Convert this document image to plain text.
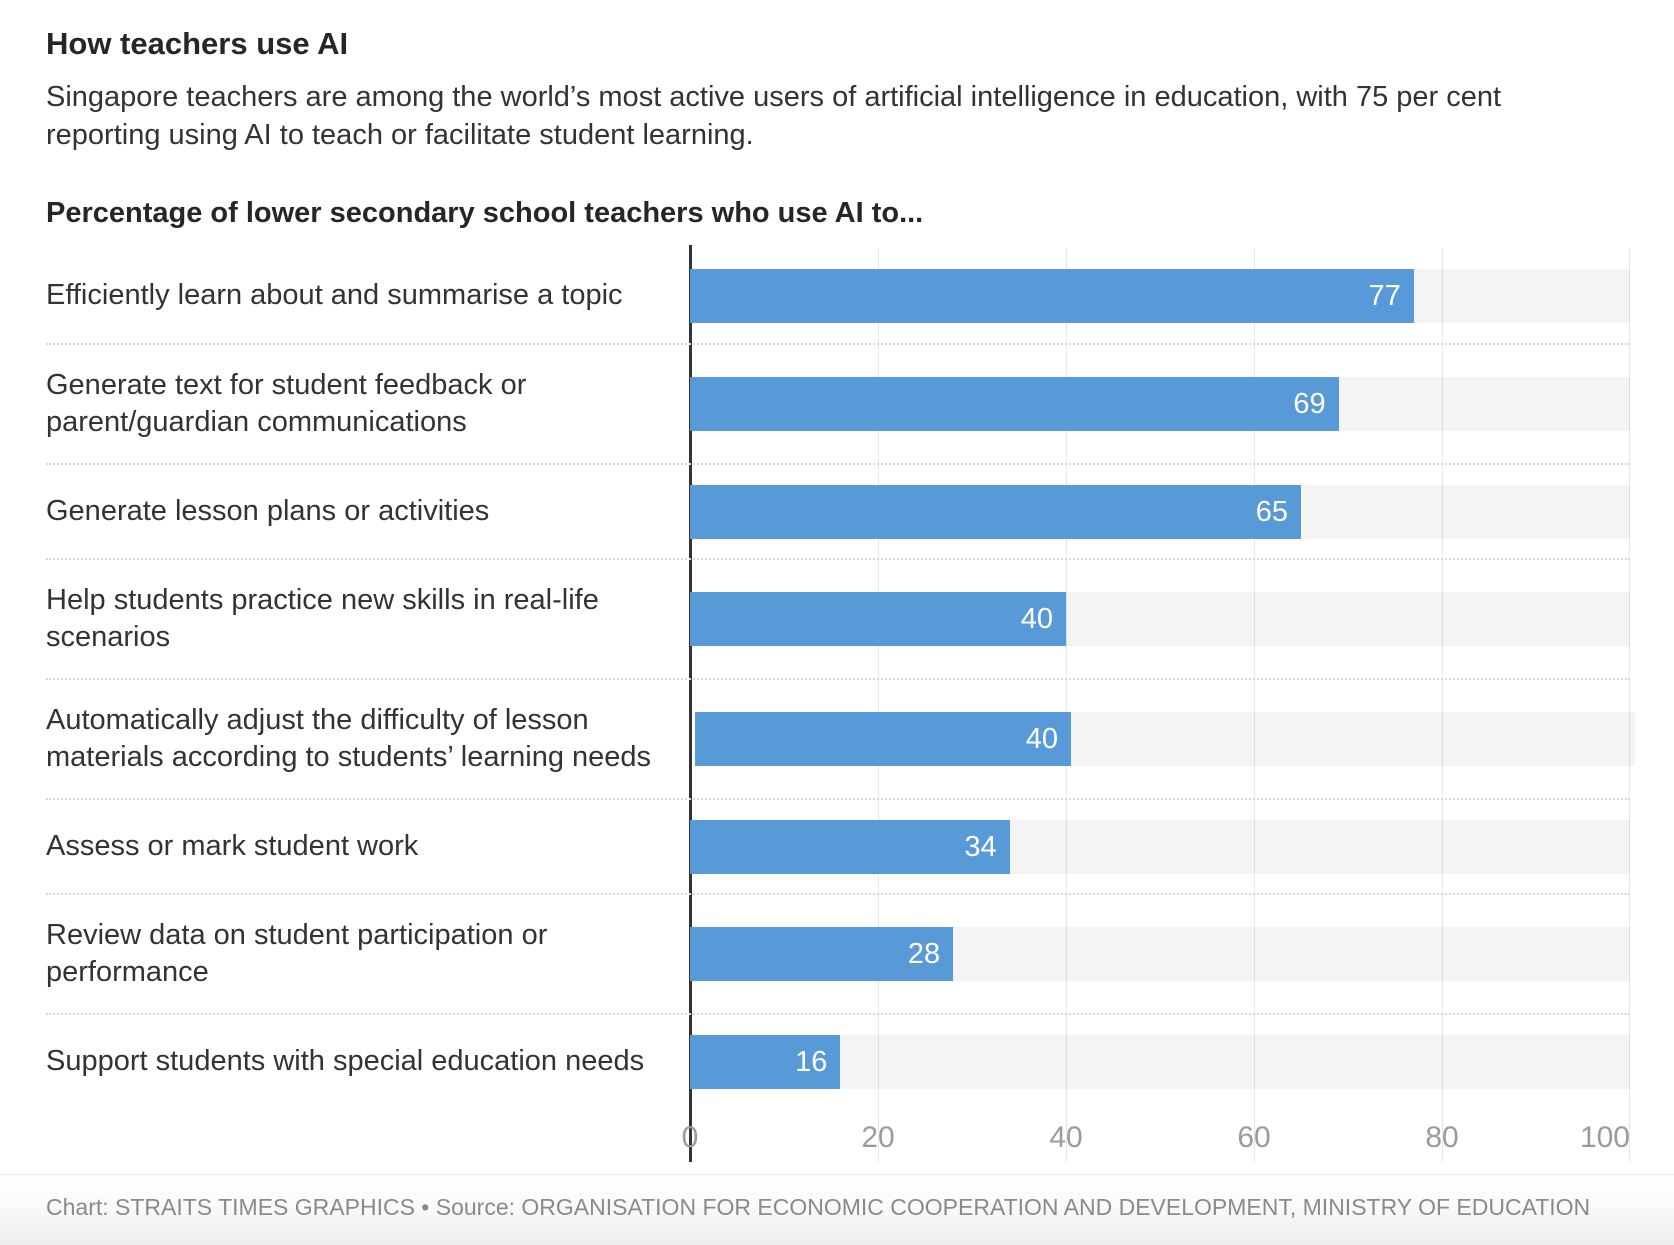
How teachers use AI

Singapore teachers are among the world’s most active users of artificial intelligence in education, with 75 per cent
reporting using AI to teach or facilitate student learning.

Percentage of lower secondary school teachers who use AI to...
Efficiently learn about and summarise a topic	77
Generate text for student feedback or
parent/guardian communications
69
Generate lesson plans or activities	65
Help students practice new skills in real-life
scenarios
40
Automatically adjust the difficulty of lesson
materials according to students’ learning needs
40
Assess or mark student work	34
Review data on student participation or
performance
28
Support students with special education needs	16
0	20	40	60	80	100
Chart: STRAITS TIMES GRAPHICS • Source: ORGANISATION FOR ECONOMIC COOPERATION AND DEVELOPMENT, MINISTRY OF EDUCATION
